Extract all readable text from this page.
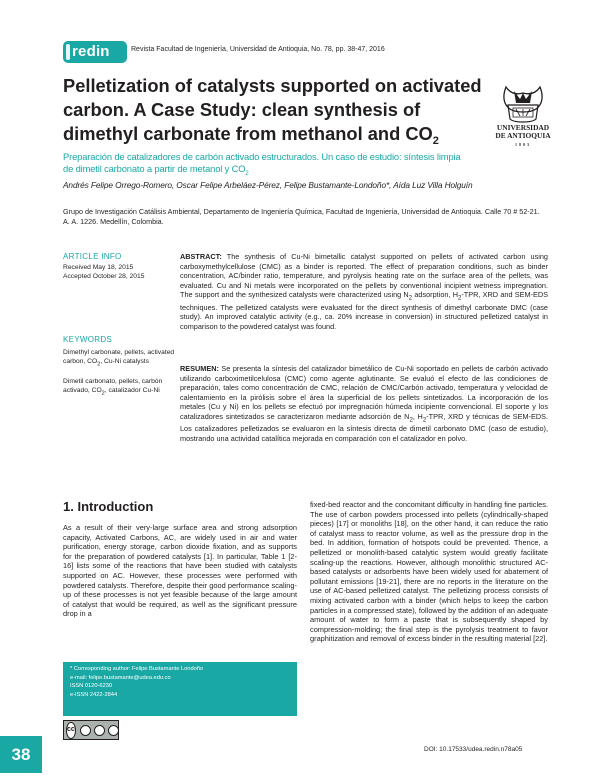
redin	Revista Facultad de Ingeniería, Universidad de Antioquia, No. 78, pp. 38-47, 2016
Pelletization of catalysts supported on activated carbon. A Case Study: clean synthesis of dimethyl carbonate from methanol and $CO_2$
UNIVERSIDAD
DE ANTIOQUIA
1803
Preparación de catalizadores de carbón activado estructurados. Un caso de estudio: síntesis limpia de dimetil carbonato a partir de metanol y $CO_2$
Andrés Felipe Orrego-Romero, Oscar Felipe Arbeláez-Pérez, Felipe Bustamante-Londoño*, Aída Luz Villa Holguín
Grupo de Investigación Catálisis Ambiental, Departamento de Ingeniería Química, Facultad de Ingeniería, Universidad de Antioquia. Calle 70 # 52-21. A. A. 1226. Medellín, Colombia.
ARTICLE INFO
Received May 18, 2015
Accepted October 28, 2015
KEYWORDS
Dimethyl carbonate, pellets, activated carbon, $CO_2$, Cu-Ni catalysts
Dimetil carbonato, pellets, carbón activado, $CO_2$, catalizador Cu-Ni
ABSTRACT: The synthesis of Cu-Ni bimetallic catalyst supported on pellets of activated carbon using carboxymethylcellulose (CMC) as a binder is reported. The effect of preparation conditions, such as binder concentration, AC/binder ratio, temperature, and pyrolysis heating rate on the surface area of the pellets, was evaluated. Cu and Ni metals were incorporated on the pellets by conventional incipient wetness impregnation. The support and the synthesized catalysts were characterized using $N_2$ adsorption, $H_2$-TPR, XRD and SEM-EDS techniques. The pelletized catalysts were evaluated for the direct synthesis of dimethyl carbonate DMC (case study). An improved catalytic activity (e.g., ca. 20% increase in conversion) in structured pelletized catalyst in comparison to the powdered catalyst was found.
RESUMEN: Se presenta la síntesis del catalizador bimetálico de Cu-Ni soportado en pellets de carbón activado utilizando carboximetilcelulosa (CMC) como agente aglutinante. Se evaluó el efecto de las condiciones de preparación, tales como concentración de CMC, relación de CMC/Carbón activado, temperatura y velocidad de calentamiento en la pirólisis sobre el área la superficial de los pellets sintetizados. La incorporación de los metales (Cu y Ni) en los pellets se efectuó por impregnación húmeda incipiente convencional. El soporte y los catalizadores sintetizados se caracterizaron mediante adsorción de $N_2$, $H_2$-TPR, XRD y técnicas de SEM-EDS. Los catalizadores pelletizados se evaluaron en la síntesis directa de dimetil carbonato DMC (caso de estudio), mostrando una actividad catalítica mejorada en comparación con el catalizador en polvo.
1. Introduction
As a result of their very-large surface area and strong adsorption capacity, Activated Carbons, AC, are widely used in air and water purification, energy storage, carbon dioxide fixation, and as supports for the preparation of powdered catalysts [1]. In particular, Table 1 [2-16] lists some of the reactions that have been studied with catalysts supported on AC. However, these processes were performed with powdered catalysts. Therefore, despite their good performance scaling-up of these processes is not yet feasible because of the large amount of catalyst that would be required, as well as the significant pressure drop in a
fixed-bed reactor and the concomitant difficulty in handling fine particles. The use of carbon powders processed into pellets (cylindrically-shaped pieces) [17] or monoliths [18], on the other hand, it can reduce the ratio of catalyst mass to reactor volume, as well as the pressure drop in the bed. In addition, formation of hotspots could be prevented. Thence, a pelletized or monolith-based catalytic system would greatly facilitate scaling-up the reactions. However, although monolithic structured AC-based catalysts or adsorbents have been widely used for abatement of pollutant emissions [19-21], there are no reports in the literature on the use of AC-based pelletized catalyst. The pelletizing process consists of mixing activated carbon with a binder (which helps to keep the carbon particles in a compressed state), followed by the addition of an adequate amount of water to form a paste that is subsequently shaped by compression-molding; the final step is the pyrolysis treatment to favor graphitization and removal of excess binder in the resulting material [22].
* Corresponding author: Felipe Bustamante Londoño
e-mail: felipe.bustamante@udea.edu.co
ISSN 0120-6230
e-ISSN 2422-2844
cc
DOI: 10.17533/udea.redin.n78a05
38
